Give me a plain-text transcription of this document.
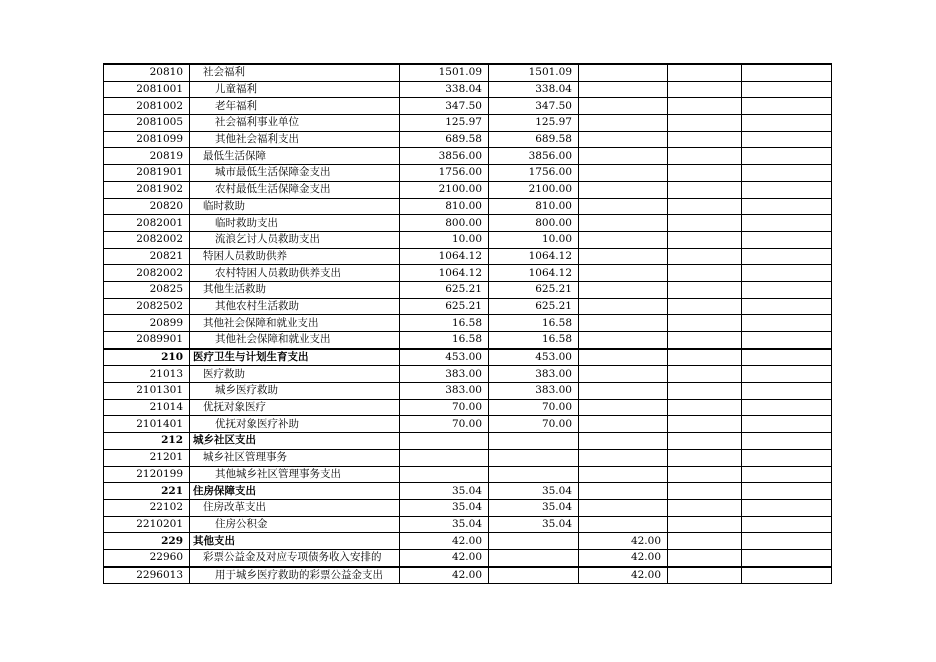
20810	社会福利	1501.09	1501.09			
2081001	儿童福利	338.04	338.04			
2081002	老年福利	347.50	347.50			
2081005	社会福利事业单位	125.97	125.97			
2081099	其他社会福利支出	689.58	689.58			
20819	最低生活保障	3856.00	3856.00			
2081901	城市最低生活保障金支出	1756.00	1756.00			
2081902	农村最低生活保障金支出	2100.00	2100.00			
20820	临时救助	810.00	810.00			
2082001	临时救助支出	800.00	800.00			
2082002	流浪乞讨人员救助支出	10.00	10.00			
20821	特困人员救助供养	1064.12	1064.12			
2082002	农村特困人员救助供养支出	1064.12	1064.12			
20825	其他生活救助	625.21	625.21			
2082502	其他农村生活救助	625.21	625.21			
20899	其他社会保障和就业支出	16.58	16.58			
2089901	其他社会保障和就业支出	16.58	16.58			
210	医疗卫生与计划生育支出	453.00	453.00			
21013	医疗救助	383.00	383.00			
2101301	城乡医疗救助	383.00	383.00			
21014	优抚对象医疗	70.00	70.00			
2101401	优抚对象医疗补助	70.00	70.00			
212	城乡社区支出					
21201	城乡社区管理事务					
2120199	其他城乡社区管理事务支出					
221	住房保障支出	35.04	35.04			
22102	住房改革支出	35.04	35.04			
2210201	住房公积金	35.04	35.04			
229	其他支出	42.00		42.00		
22960	彩票公益金及对应专项债务收入安排的	42.00		42.00		
2296013	用于城乡医疗救助的彩票公益金支出	42.00		42.00		
